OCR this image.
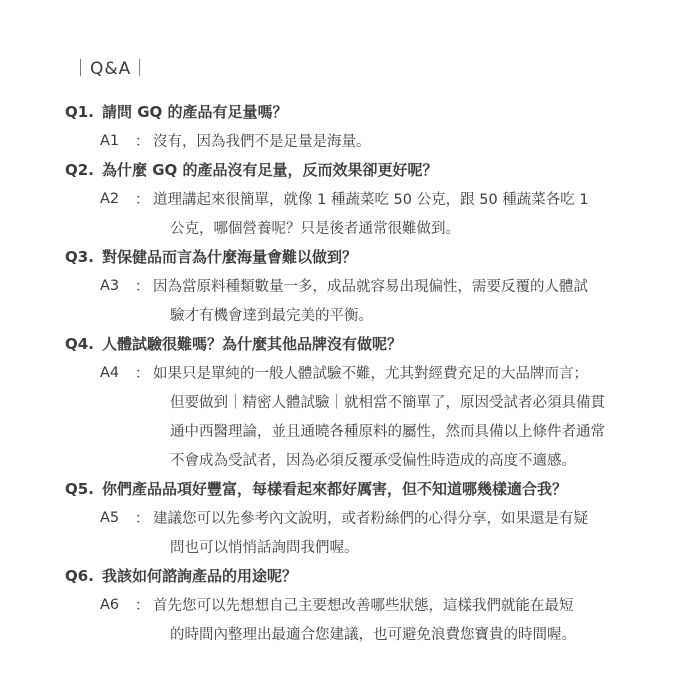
｜Q&A｜
Q1. 請問 GQ 的產品有足量嗎？
A1	： 沒有，因為我們不是足量是海量。
Q2. 為什麼 GQ 的產品沒有足量，反而效果卻更好呢？
A2	： 道理講起來很簡單，就像 1 種蔬菜吃 50 公克，跟 50 種蔬菜各吃 1
公克，哪個營養呢？只是後者通常很難做到。
Q3. 對保健品而言為什麼海量會難以做到？
A3	： 因為當原料種類數量一多，成品就容易出現偏性，需要反覆的人體試
驗才有機會達到最完美的平衡。
Q4. 人體試驗很難嗎？為什麼其他品牌沒有做呢？
A4	： 如果只是單純的一般人體試驗不難，尤其對經費充足的大品牌而言；
但要做到｜精密人體試驗｜就相當不簡單了，原因受試者必須具備貫
通中西醫理論，並且通曉各種原料的屬性，然而具備以上條件者通常
不會成為受試者，因為必須反覆承受偏性時造成的高度不適感。
Q5. 你們產品品項好豐富，每樣看起來都好厲害，但不知道哪幾樣適合我？
A5	： 建議您可以先參考內文說明，或者粉絲們的心得分享，如果還是有疑
問也可以悄悄話詢問我們喔。
Q6. 我該如何諮詢產品的用途呢？
A6	： 首先您可以先想想自己主要想改善哪些狀態，這樣我們就能在最短
的時間內整理出最適合您建議，也可避免浪費您寶貴的時間喔。
